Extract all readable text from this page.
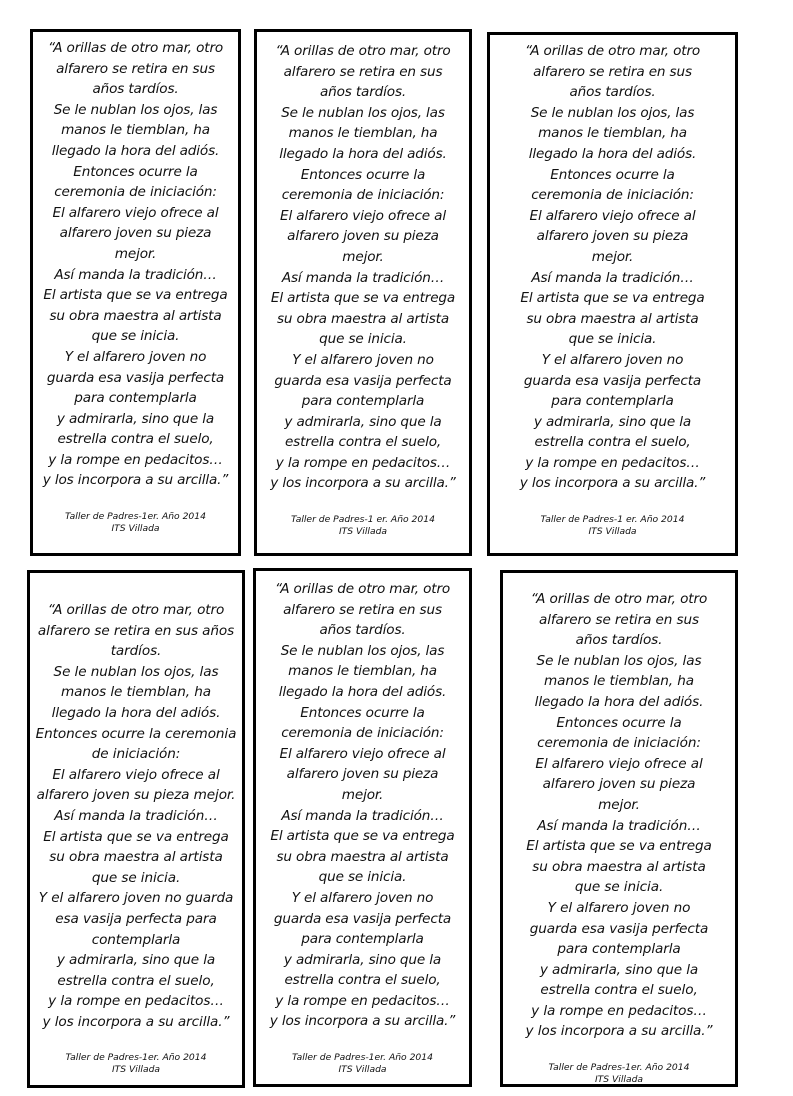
“A orillas de otro mar, otro
alfarero se retira en sus
años tardíos.
Se le nublan los ojos, las
manos le tiemblan, ha
llegado la hora del adiós.
Entonces ocurre la
ceremonia de iniciación:
El alfarero viejo ofrece al
alfarero joven su pieza
mejor.
Así manda la tradición…
El artista que se va entrega
su obra maestra al artista
que se inicia.
Y el alfarero joven no
guarda esa vasija perfecta
para contemplarla
y admirarla, sino que la
estrella contra el suelo,
y la rompe en pedacitos…
y los incorpora a su arcilla.”
Taller de Padres-1er. Año 2014
ITS Villada
“A orillas de otro mar, otro
alfarero se retira en sus
años tardíos.
Se le nublan los ojos, las
manos le tiemblan, ha
llegado la hora del adiós.
Entonces ocurre la
ceremonia de iniciación:
El alfarero viejo ofrece al
alfarero joven su pieza
mejor.
Así manda la tradición…
El artista que se va entrega
su obra maestra al artista
que se inicia.
Y el alfarero joven no
guarda esa vasija perfecta
para contemplarla
y admirarla, sino que la
estrella contra el suelo,
y la rompe en pedacitos…
y los incorpora a su arcilla.”
Taller de Padres-1 er. Año 2014
ITS Villada
“A orillas de otro mar, otro
alfarero se retira en sus
años tardíos.
Se le nublan los ojos, las
manos le tiemblan, ha
llegado la hora del adiós.
Entonces ocurre la
ceremonia de iniciación:
El alfarero viejo ofrece al
alfarero joven su pieza
mejor.
Así manda la tradición…
El artista que se va entrega
su obra maestra al artista
que se inicia.
Y el alfarero joven no
guarda esa vasija perfecta
para contemplarla
y admirarla, sino que la
estrella contra el suelo,
y la rompe en pedacitos…
y los incorpora a su arcilla.”
Taller de Padres-1 er. Año 2014
ITS Villada
“A orillas de otro mar, otro
alfarero se retira en sus años
tardíos.
Se le nublan los ojos, las
manos le tiemblan, ha
llegado la hora del adiós.
Entonces ocurre la ceremonia
de iniciación:
El alfarero viejo ofrece al
alfarero joven su pieza mejor.
Así manda la tradición…
El artista que se va entrega
su obra maestra al artista
que se inicia.
Y el alfarero joven no guarda
esa vasija perfecta para
contemplarla
y admirarla, sino que la
estrella contra el suelo,
y la rompe en pedacitos…
y los incorpora a su arcilla.”
Taller de Padres-1er. Año 2014
ITS Villada
“A orillas de otro mar, otro
alfarero se retira en sus
años tardíos.
Se le nublan los ojos, las
manos le tiemblan, ha
llegado la hora del adiós.
Entonces ocurre la
ceremonia de iniciación:
El alfarero viejo ofrece al
alfarero joven su pieza
mejor.
Así manda la tradición…
El artista que se va entrega
su obra maestra al artista
que se inicia.
Y el alfarero joven no
guarda esa vasija perfecta
para contemplarla
y admirarla, sino que la
estrella contra el suelo,
y la rompe en pedacitos…
y los incorpora a su arcilla.”
Taller de Padres-1er. Año 2014
ITS Villada
“A orillas de otro mar, otro
alfarero se retira en sus
años tardíos.
Se le nublan los ojos, las
manos le tiemblan, ha
llegado la hora del adiós.
Entonces ocurre la
ceremonia de iniciación:
El alfarero viejo ofrece al
alfarero joven su pieza
mejor.
Así manda la tradición…
El artista que se va entrega
su obra maestra al artista
que se inicia.
Y el alfarero joven no
guarda esa vasija perfecta
para contemplarla
y admirarla, sino que la
estrella contra el suelo,
y la rompe en pedacitos…
y los incorpora a su arcilla.”
Taller de Padres-1er. Año 2014
ITS Villada
